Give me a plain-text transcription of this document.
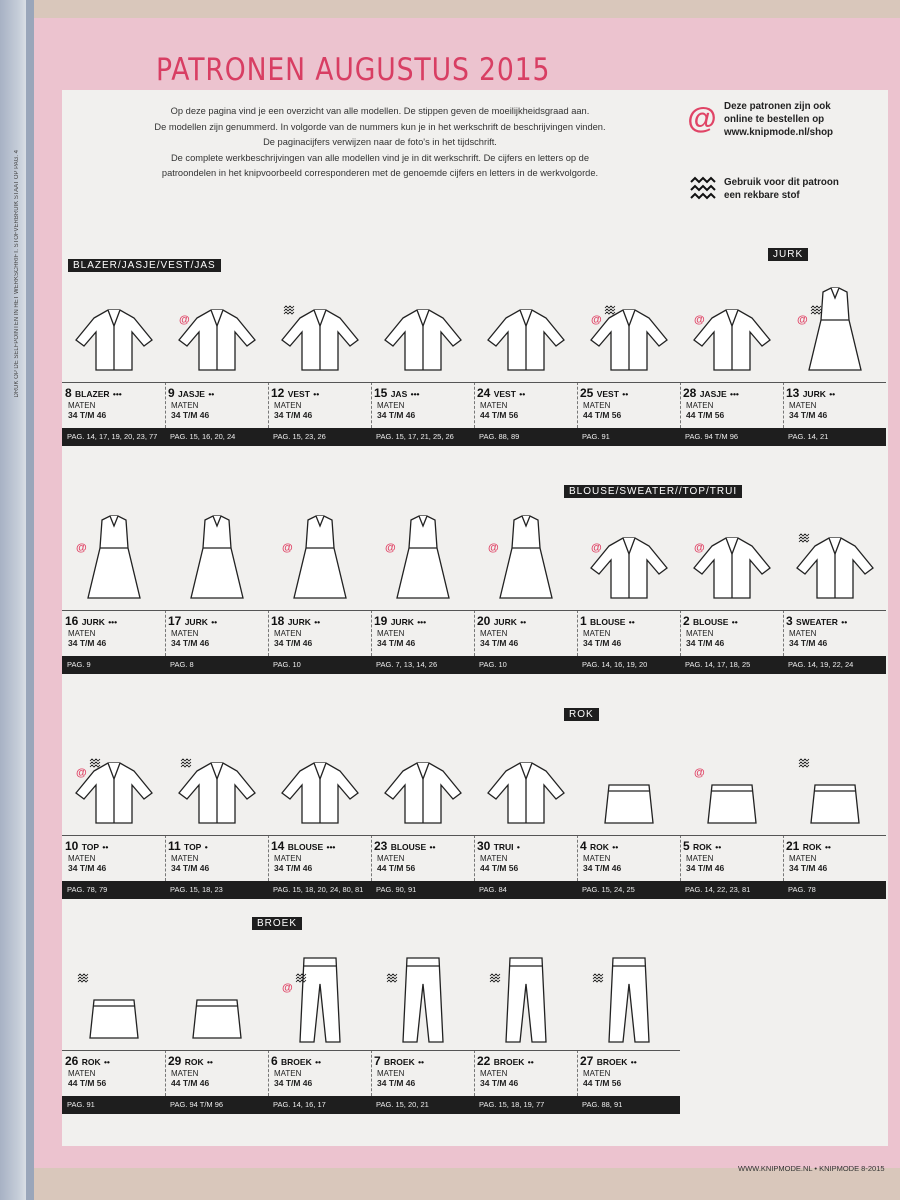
DRUK OP DE SELFPOINTEN IN HET WERKSCHRIFT. STOFVERBRUIK STAAT OP PAG. 4
PATRONEN AUGUSTUS 2015
Op deze pagina vind je een overzicht van alle modellen. De stippen geven de moeilijkheidsgraad aan.
De modellen zijn genummerd. In volgorde van de nummers kun je in het werkschrift de beschrijvingen vinden.
De paginacijfers verwijzen naar de foto's in het tijdschrift.
De complete werkbeschrijvingen van alle modellen vind je in dit werkschrift. De cijfers en letters op de
patroondelen in het knipvoorbeeld corresponderen met de genoemde cijfers en letters in de werkvolgorde.
@ Deze patronen zijn ook
online te bestellen op
www.knipmode.nl/shop
Gebruik voor dit patroon
een rekbare stof
BLAZER/JASJE/VEST/JAS
JURK
BLOUSE/SWEATER//TOP/TRUI
ROK
BROEK
8 BLAZER •••
MATEN
34 T/M 46
@
9 JASJE ••
MATEN
34 T/M 46
12 VEST ••
MATEN
34 T/M 46
15 JAS •••
MATEN
34 T/M 46
24 VEST ••
MATEN
44 T/M 56
@
25 VEST ••
MATEN
44 T/M 56
@
28 JASJE •••
MATEN
44 T/M 56
@
13 JURK ••
MATEN
34 T/M 46
PAG. 14, 17, 19, 20, 23, 77 PAG. 15, 16, 20, 24	PAG. 15, 23, 26	PAG. 15, 17, 21, 25, 26	PAG. 88, 89	PAG. 91	PAG. 94 T/M 96	PAG. 14, 21
@
16 JURK •••
MATEN
34 T/M 46
17 JURK ••
MATEN
34 T/M 46
@
18 JURK ••
MATEN
34 T/M 46
@
19 JURK •••
MATEN
34 T/M 46
@
20 JURK ••
MATEN
34 T/M 46
@
1 BLOUSE ••
MATEN
34 T/M 46
@
2 BLOUSE ••
MATEN
34 T/M 46
3 SWEATER ••
MATEN
34 T/M 46
PAG. 9	PAG. 8	PAG. 10	PAG. 7, 13, 14, 26	PAG. 10	PAG. 14, 16, 19, 20	PAG. 14, 17, 18, 25	PAG. 14, 19, 22, 24
@
10 TOP ••
MATEN
34 T/M 46
11 TOP •
MATEN
34 T/M 46
14 BLOUSE •••
MATEN
34 T/M 46
23 BLOUSE ••
MATEN
44 T/M 56
30 TRUI •
MATEN
44 T/M 56
4 ROK ••
MATEN
34 T/M 46
@
5 ROK ••
MATEN
34 T/M 46
21 ROK ••
MATEN
34 T/M 46
PAG. 78, 79	PAG. 15, 18, 23	PAG. 15, 18, 20, 24, 80, 81 PAG. 90, 91	PAG. 84	PAG. 15, 24, 25	PAG. 14, 22, 23, 81	PAG. 78
26 ROK ••
MATEN
44 T/M 56
29 ROK ••
MATEN
44 T/M 46
@
6 BROEK ••
MATEN
34 T/M 46
7 BROEK ••
MATEN
34 T/M 46
22 BROEK ••
MATEN
34 T/M 46
27 BROEK ••
MATEN
44 T/M 56
PAG. 91	PAG. 94 T/M 96	PAG. 14, 16, 17	PAG. 15, 20, 21	PAG. 15, 18, 19, 77	PAG. 88, 91
WWW.KNIPMODE.NL • KNIPMODE 8-2015
